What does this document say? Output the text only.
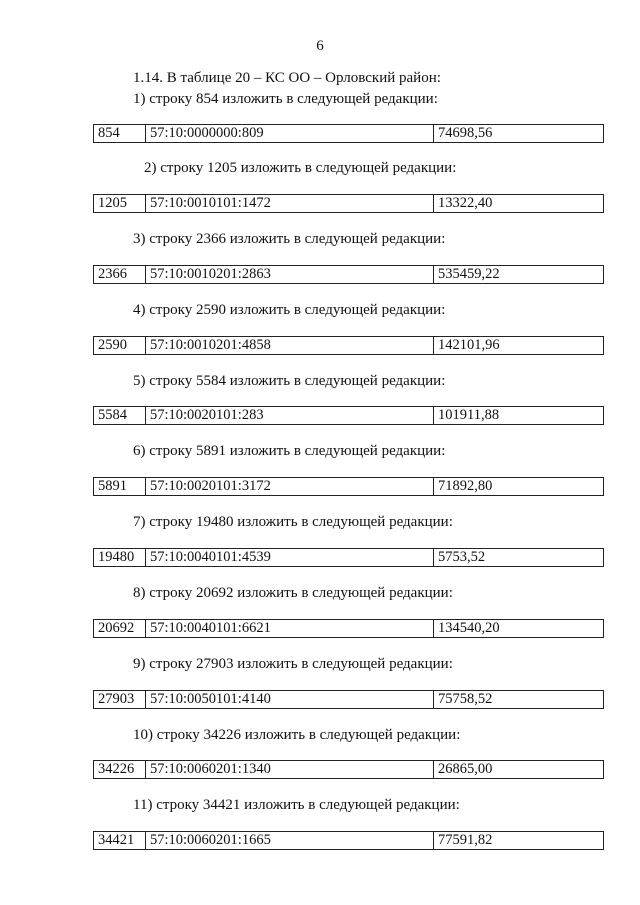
6
1.14. В таблице 20 – КС ОО – Орловский район:
1) строку 854 изложить в следующей редакции:
854	57:10:0000000:809	74698,56
2) строку 1205 изложить в следующей редакции:
1205	57:10:0010101:1472	13322,40
3) строку 2366 изложить в следующей редакции:
2366	57:10:0010201:2863	535459,22
4) строку 2590 изложить в следующей редакции:
2590	57:10:0010201:4858	142101,96
5) строку 5584 изложить в следующей редакции:
5584	57:10:0020101:283	101911,88
6) строку 5891 изложить в следующей редакции:
5891	57:10:0020101:3172	71892,80
7) строку 19480 изложить в следующей редакции:
19480	57:10:0040101:4539	5753,52
8) строку 20692 изложить в следующей редакции:
20692	57:10:0040101:6621	134540,20
9) строку 27903 изложить в следующей редакции:
27903	57:10:0050101:4140	75758,52
10) строку 34226 изложить в следующей редакции:
34226	57:10:0060201:1340	26865,00
11) строку 34421 изложить в следующей редакции:
34421	57:10:0060201:1665	77591,82
